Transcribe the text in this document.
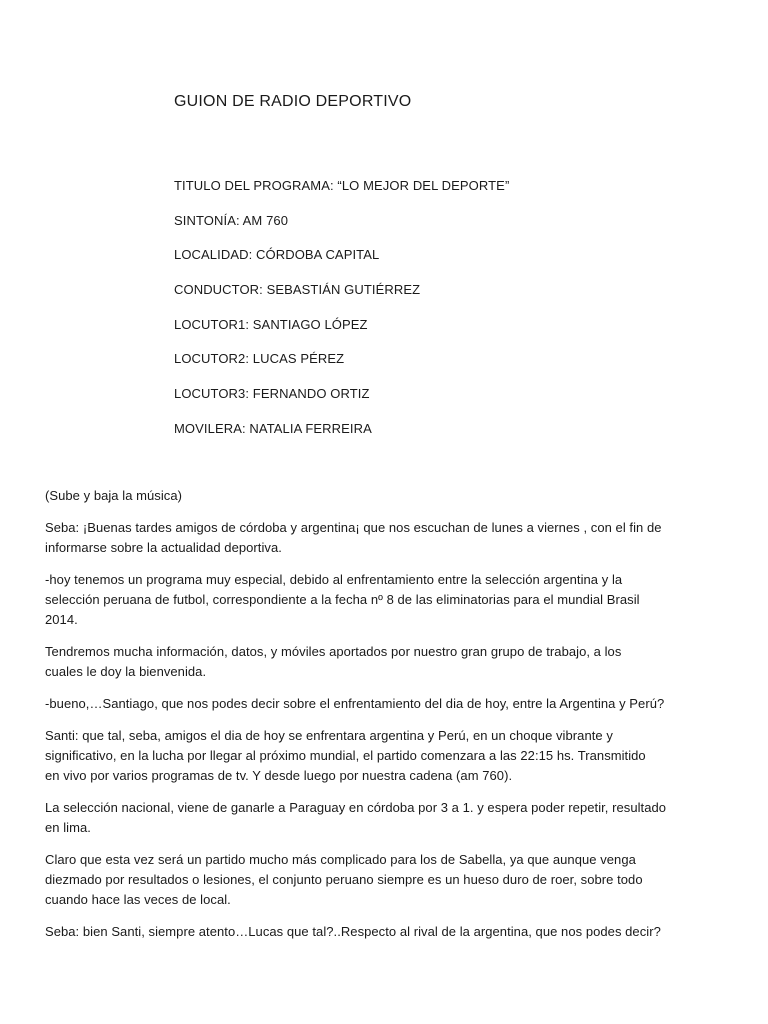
GUION DE RADIO DEPORTIVO
TITULO DEL PROGRAMA: “LO MEJOR DEL DEPORTE”
SINTONÍA: AM 760
LOCALIDAD: CÓRDOBA CAPITAL
CONDUCTOR: SEBASTIÁN GUTIÉRREZ
LOCUTOR1: SANTIAGO LÓPEZ
LOCUTOR2: LUCAS PÉREZ
LOCUTOR3: FERNANDO ORTIZ
MOVILERA: NATALIA FERREIRA

(Sube y baja la música)

Seba: ¡Buenas tardes amigos de córdoba y argentina¡ que nos escuchan de lunes a viernes , con el fin de
informarse sobre la actualidad deportiva.

-hoy tenemos un programa muy especial, debido al enfrentamiento entre la selección argentina y la
selección peruana de futbol, correspondiente a la fecha nº 8 de las eliminatorias para el mundial Brasil
2014.

Tendremos mucha información, datos, y móviles aportados por nuestro gran grupo de trabajo, a los
cuales le doy la bienvenida.

-bueno,…Santiago, que nos podes decir sobre el enfrentamiento del dia de hoy, entre la Argentina y Perú?

Santi: que tal, seba, amigos el dia de hoy se enfrentara argentina y Perú, en un choque vibrante y
significativo, en la lucha por llegar al próximo mundial, el partido comenzara a las 22:15 hs. Transmitido
en vivo por varios programas de tv. Y desde luego por nuestra cadena (am 760).

La selección nacional, viene de ganarle a Paraguay en córdoba por 3 a 1. y espera poder repetir, resultado
en lima.

Claro que esta vez será un partido mucho más complicado para los de Sabella, ya que aunque venga
diezmado por resultados o lesiones, el conjunto peruano siempre es un hueso duro de roer, sobre todo
cuando hace las veces de local.

Seba: bien Santi, siempre atento…Lucas que tal?..Respecto al rival de la argentina, que nos podes decir?
